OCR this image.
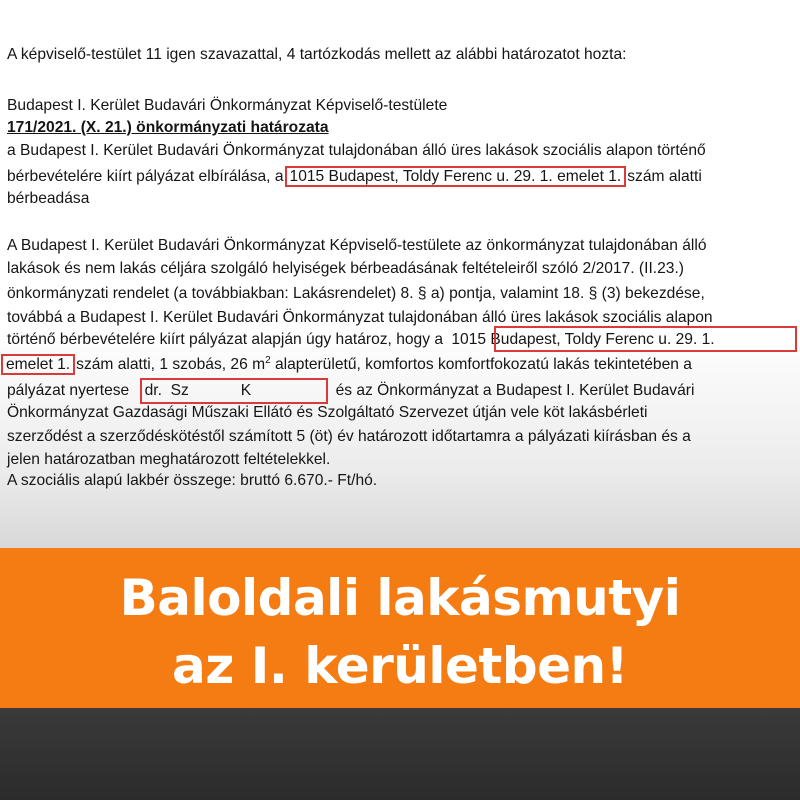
A képviselő-testület 11 igen szavazattal, 4 tartózkodás mellett az alábbi határozatot hozta:
Budapest I. Kerület Budavári Önkormányzat Képviselő-testülete
171/2021. (X. 21.) önkormányzati határozata
a Budapest I. Kerület Budavári Önkormányzat tulajdonában álló üres lakások szociális alapon történő
bérbevételére kiírt pályázat elbírálása, a 1015 Budapest, Toldy Ferenc u. 29. 1. emelet 1. szám alatti
bérbeadása
A Budapest I. Kerület Budavári Önkormányzat Képviselő-testülete az önkormányzat tulajdonában álló
lakások és nem lakás céljára szolgáló helyiségek bérbeadásának feltételeiről szóló 2/2017. (II.23.)
önkormányzati rendelet (a továbbiakban: Lakásrendelet) 8. § a) pontja, valamint 18. § (3) bekezdése,
továbbá a Budapest I. Kerület Budavári Önkormányzat tulajdonában álló üres lakások szociális alapon
történő bérbevételére kiírt pályázat alapján úgy határoz, hogy a 1015 Budapest, Toldy Ferenc u. 29. 1.
emelet 1. szám alatti, 1 szobás, 26 $m^2$ alapterületű, komfortos komfortfokozatú lakás tekintetében a
pályázat nyertese dr.  Sz            K	és az Önkormányzat a Budapest I. Kerület Budavári
Önkormányzat Gazdasági Műszaki Ellátó és Szolgáltató Szervezet útján vele köt lakásbérleti
szerződést a szerződéskötéstől számított 5 (öt) év határozott időtartamra a pályázati kiírásban és a
jelen határozatban meghatározott feltételekkel.
A szociális alapú lakbér összege: bruttó 6.670.- Ft/hó.
Baloldali lakásmutyi
az I. kerületben!
